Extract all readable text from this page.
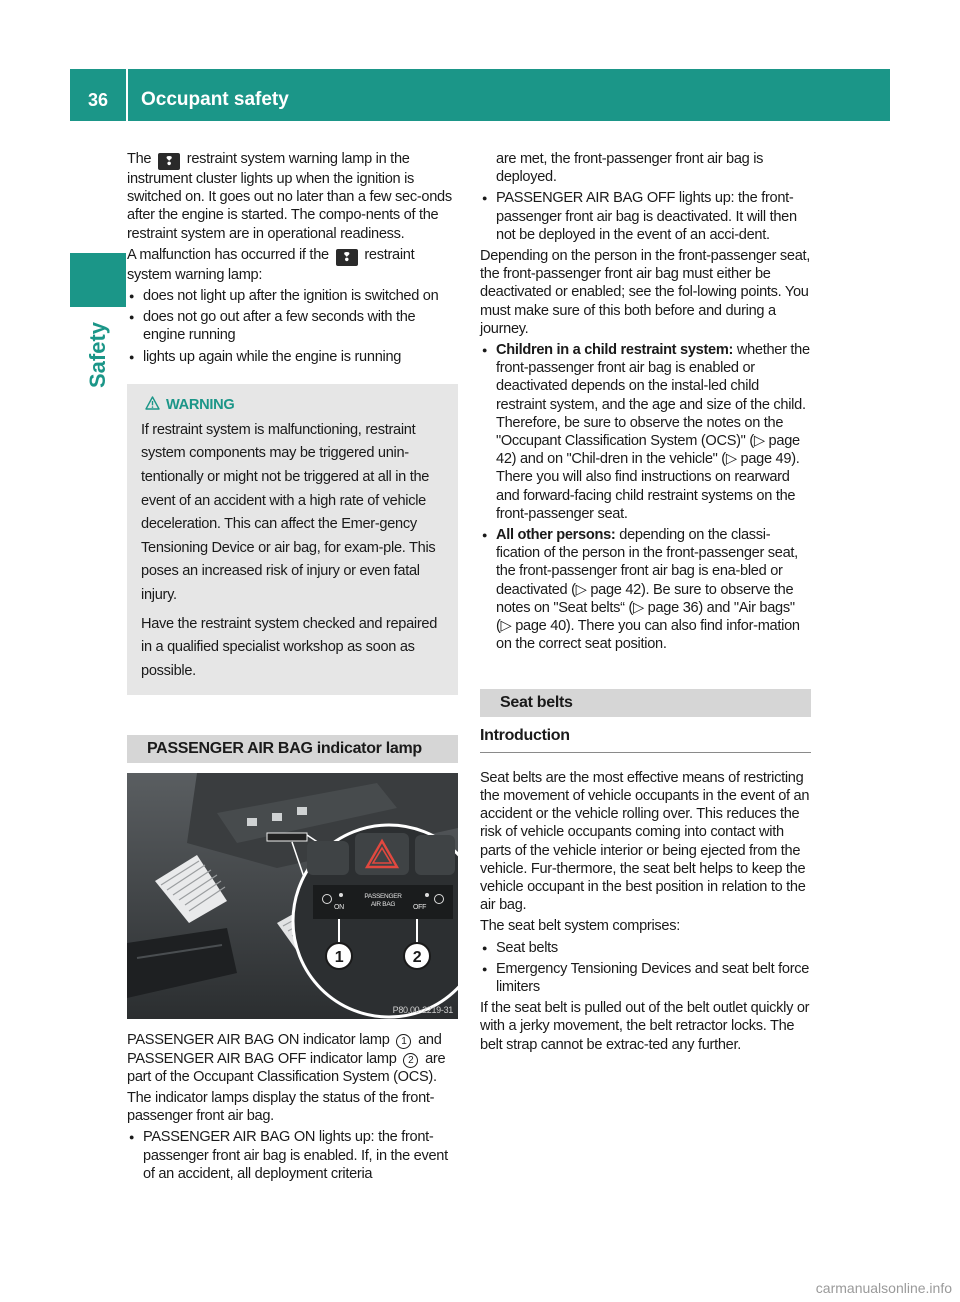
36	Occupant safety
Safety

The ❢ restraint system warning lamp in the instrument cluster lights up when the ignition is switched on. It goes out no later than a few sec-onds after the engine is started. The compo-nents of the restraint system are in operational readiness.

A malfunction has occurred if the ❢ restraint system warning lamp:

● does not light up after the ignition is switched on
● does not go out after a few seconds with the engine running
● lights up again while the engine is running
WARNING

If restraint system is malfunctioning, restraint system components may be triggered unin-tentionally or might not be triggered at all in the event of an accident with a high rate of vehicle deceleration. This can affect the Emer-gency Tensioning Device or air bag, for exam-ple. This poses an increased risk of injury or even fatal injury.

Have the restraint system checked and repaired in a qualified specialist workshop as soon as possible.

PASSENGER AIR BAG indicator lamp
PASSENGER
AIR BAG
ON	OFF
1	2
P80.00-2219-31

PASSENGER AIR BAG ON indicator lamp 1 and PASSENGER AIR BAG OFF indicator lamp 2 are part of the Occupant Classification System (OCS).

The indicator lamps display the status of the front-passenger front air bag.

● PASSENGER AIR BAG ON lights up: the front-passenger front air bag is enabled. If, in the event of an accident, all deployment criteria

are met, the front-passenger front air bag is deployed.

● PASSENGER AIR BAG OFF lights up: the front-passenger front air bag is deactivated. It will then not be deployed in the event of an acci-dent.

Depending on the person in the front-passenger seat, the front-passenger front air bag must either be deactivated or enabled; see the fol-lowing points. You must make sure of this both before and during a journey.

● Children in a child restraint system: whether the front-passenger front air bag is enabled or deactivated depends on the instal-led child restraint system, and the age and size of the child. Therefore, be sure to observe the notes on the "Occupant Classification System (OCS)" (▷ page 42) and on "Chil-dren in the vehicle" (▷ page 49). There you will also find instructions on rearward and forward-facing child restraint systems on the front-passenger seat.
● All other persons: depending on the classi-fication of the person in the front-passenger seat, the front-passenger front air bag is ena-bled or deactivated (▷ page 42). Be sure to observe the notes on "Seat belts“ (▷ page 36) and "Air bags" (▷ page 40). There you can also find infor-mation on the correct seat position.
Seat belts
Introduction

Seat belts are the most effective means of restricting the movement of vehicle occupants in the event of an accident or the vehicle rolling over. This reduces the risk of vehicle occupants coming into contact with parts of the vehicle interior or being ejected from the vehicle. Fur-thermore, the seat belt helps to keep the vehicle occupant in the best position in relation to the air bag.

The seat belt system comprises:

● Seat belts
● Emergency Tensioning Devices and seat belt force limiters

If the seat belt is pulled out of the belt outlet quickly or with a jerky movement, the belt retractor locks. The belt strap cannot be extrac-ted any further.

carmanualsonline.info
